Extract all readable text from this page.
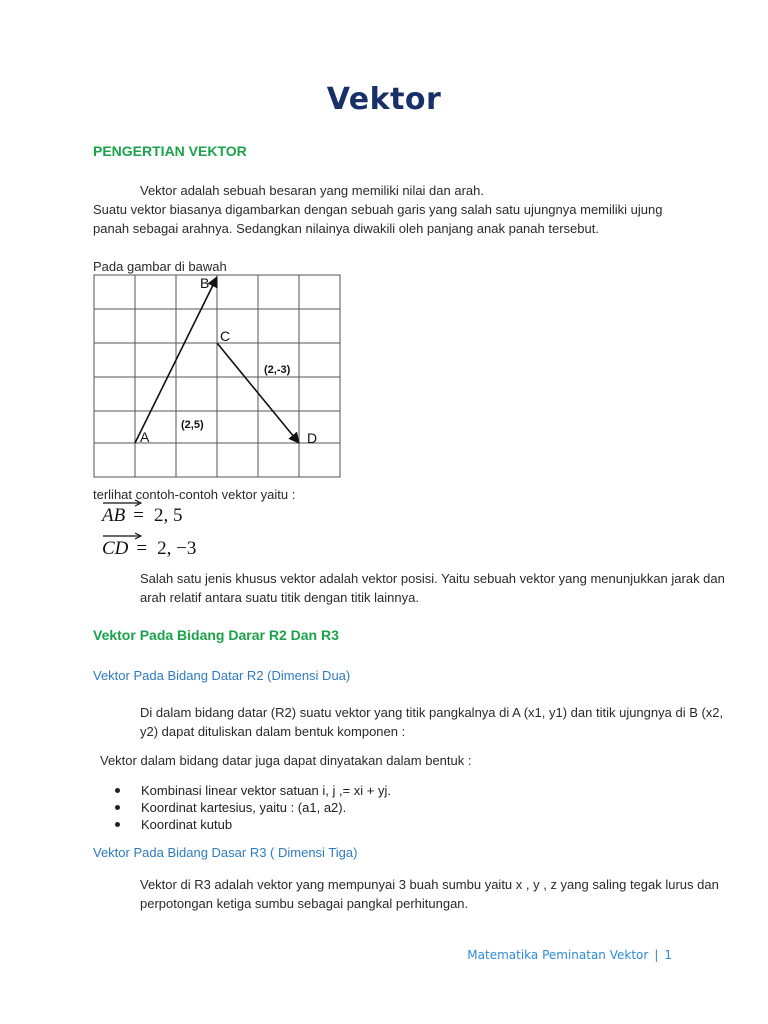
Vektor
PENGERTIAN VEKTOR
Vektor adalah sebuah besaran yang memiliki nilai dan arah.
Suatu vektor biasanya digambarkan dengan sebuah garis yang salah satu ujungnya memiliki ujung panah sebagai arahnya. Sedangkan nilainya diwakili oleh panjang anak panah tersebut.
Pada gambar di bawah
A
B
C
D
(2,5)
(2,-3)
terlihat contoh-contoh vektor yaitu :
AB = 2, 5
CD = 2, −3
Salah satu jenis khusus vektor adalah vektor posisi. Yaitu sebuah vektor yang menunjukkan jarak dan arah relatif antara suatu titik dengan titik lainnya.
Vektor Pada Bidang Darar R2 Dan R3
Vektor Pada Bidang Datar R2 (Dimensi Dua)
Di dalam bidang datar (R2) suatu vektor yang titik pangkalnya di A (x1, y1) dan titik ujungnya di B (x2, y2) dapat dituliskan dalam bentuk komponen :
Vektor dalam bidang datar juga dapat dinyatakan dalam bentuk :
Kombinasi linear vektor satuan i, j ,= xi + yj.
Koordinat kartesius, yaitu : (a1, a2).
Koordinat kutub
Vektor Pada Bidang Dasar R3 ( Dimensi Tiga)
Vektor di R3 adalah vektor yang mempunyai 3 buah sumbu yaitu x , y , z yang saling tegak lurus dan perpotongan ketiga sumbu sebagai pangkal perhitungan.
Matematika Peminatan Vektor | 1
